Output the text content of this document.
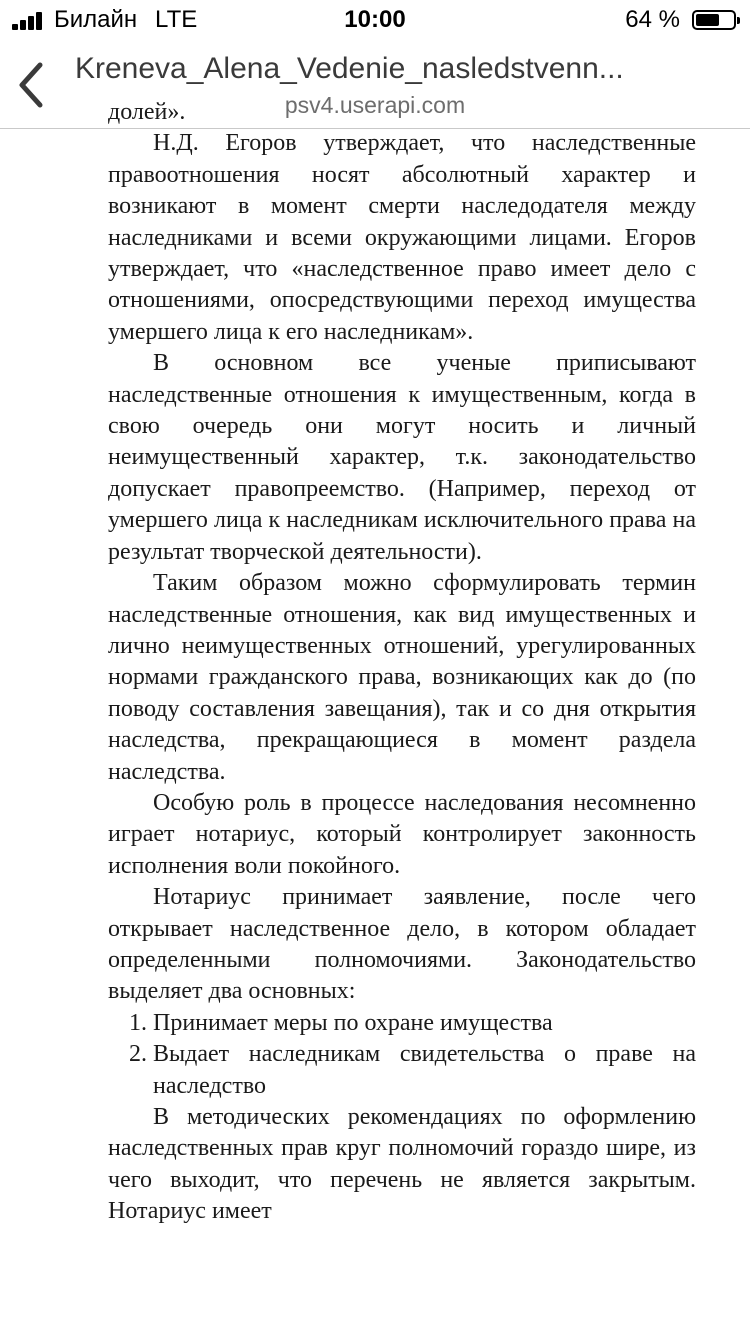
Билайн LTE	10:00	64 %
Kreneva_Alena_Vedenie_nasledstvenn...
psv4.userapi.com

долей».

Н.Д. Егоров утверждает, что наследственные правоотношения носят абсолютный характер и возникают в момент смерти наследодателя между наследниками и всеми окружающими лицами. Егоров утверждает, что «наследственное право имеет дело с отношениями, опосредствующими переход имущества умершего лица к его наследникам».

В основном все ученые приписывают наследственные отношения к имущественным, когда в свою очередь они могут носить и личный неимущественный характер, т.к. законодательство допускает правопреемство. (Например, переход от умершего лица к наследникам исключительного права на результат творческой деятельности).

Таким образом можно сформулировать термин наследственные отношения, как вид имущественных и лично неимущественных отношений, урегулированных нормами гражданского права, возникающих как до (по поводу составления завещания), так и со дня открытия наследства, прекращающиеся в момент раздела наследства.

Особую роль в процессе наследования несомненно играет нотариус, который контролирует законность исполнения воли покойного.

Нотариус принимает заявление, после чего открывает наследственное дело, в котором обладает определенными полномочиями. Законодательство выделяет два основных:

1. Принимает меры по охране имущества
2. Выдает наследникам свидетельства о праве на наследство

В методических рекомендациях по оформлению наследственных прав круг полномочий гораздо шире, из чего выходит, что перечень не является закрытым. Нотариус имеет
